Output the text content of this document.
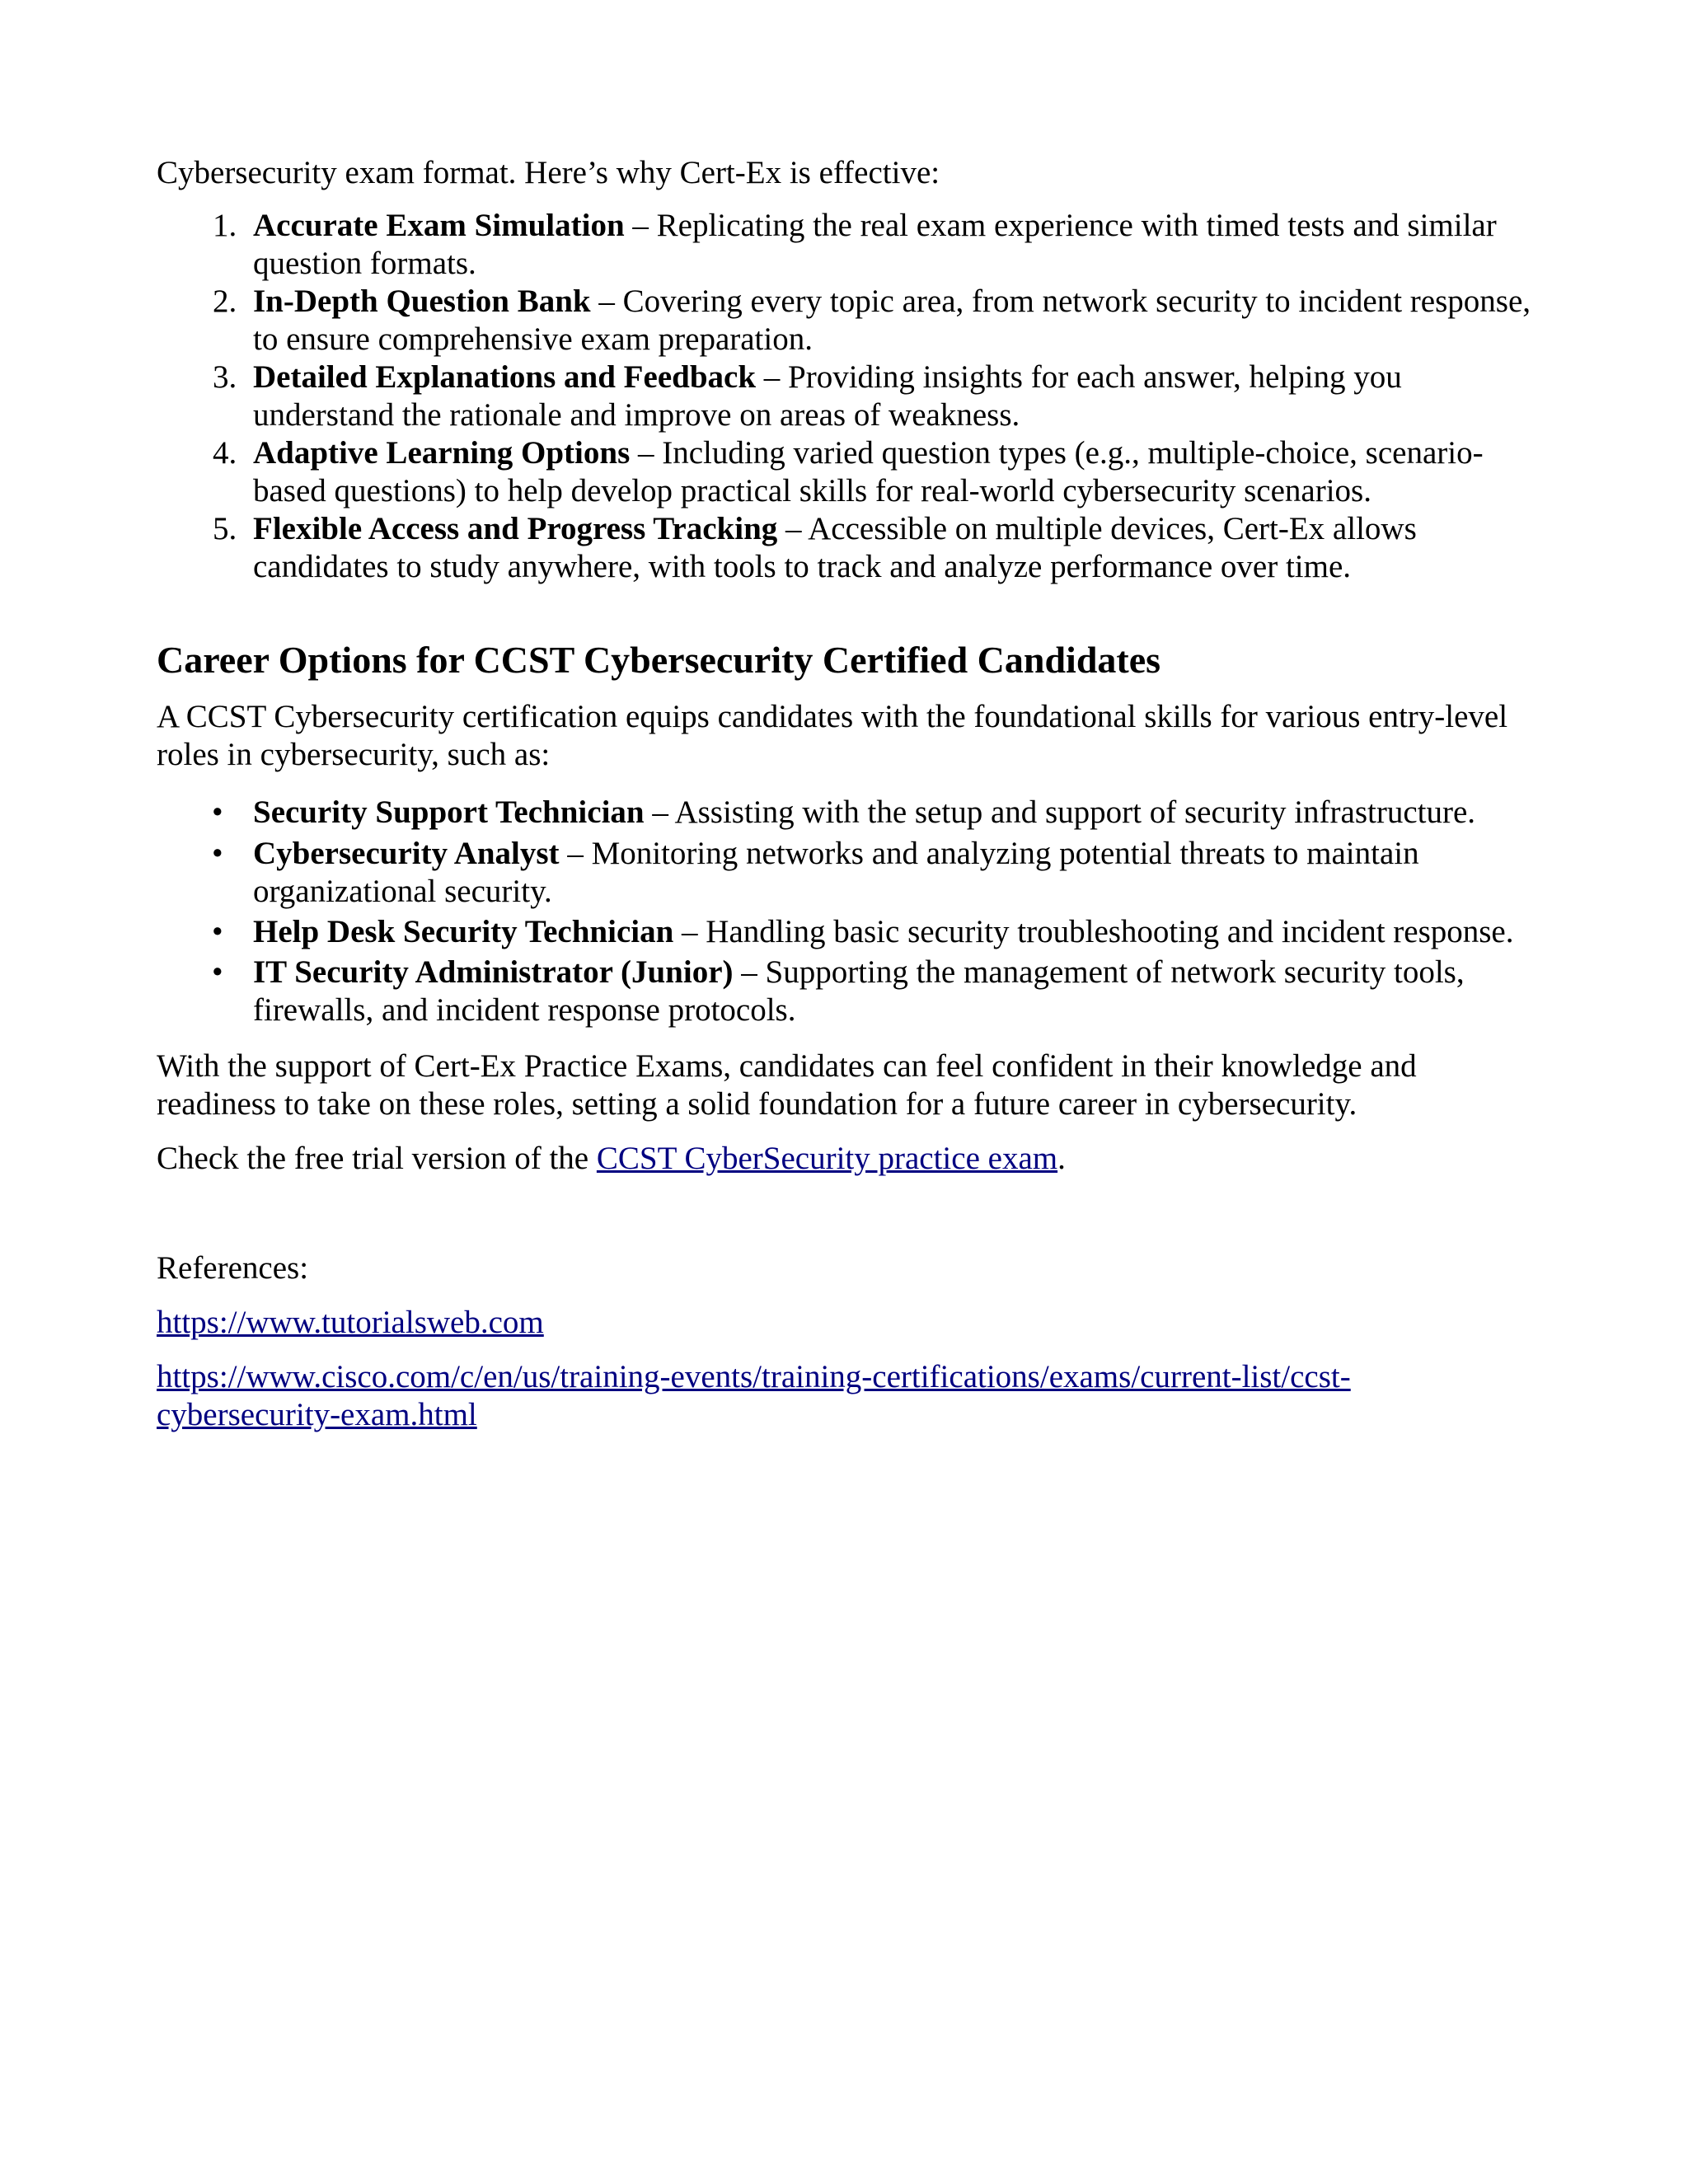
Cybersecurity exam format. Here’s why Cert-Ex is effective:

1. Accurate Exam Simulation – Replicating the real exam experience with timed tests and similar question formats.
2. In-Depth Question Bank – Covering every topic area, from network security to incident response, to ensure comprehensive exam preparation.
3. Detailed Explanations and Feedback – Providing insights for each answer, helping you understand the rationale and improve on areas of weakness.
4. Adaptive Learning Options – Including varied question types (e.g., multiple-choice, scenario-based questions) to help develop practical skills for real-world cybersecurity scenarios.
5. Flexible Access and Progress Tracking – Accessible on multiple devices, Cert-Ex allows candidates to study anywhere, with tools to track and analyze performance over time.
Career Options for CCST Cybersecurity Certified Candidates

A CCST Cybersecurity certification equips candidates with the foundational skills for various entry-level roles in cybersecurity, such as:

• Security Support Technician – Assisting with the setup and support of security infrastructure.
• Cybersecurity Analyst – Monitoring networks and analyzing potential threats to maintain organizational security.
• Help Desk Security Technician – Handling basic security troubleshooting and incident response.
• IT Security Administrator (Junior) – Supporting the management of network security tools, firewalls, and incident response protocols.

With the support of Cert-Ex Practice Exams, candidates can feel confident in their knowledge and readiness to take on these roles, setting a solid foundation for a future career in cybersecurity.

Check the free trial version of the CCST CyberSecurity practice exam.

References:

https://www.tutorialsweb.com

https://www.cisco.com/c/en/us/training-events/training-certifications/exams/current-list/ccst-cybersecurity-exam.html
